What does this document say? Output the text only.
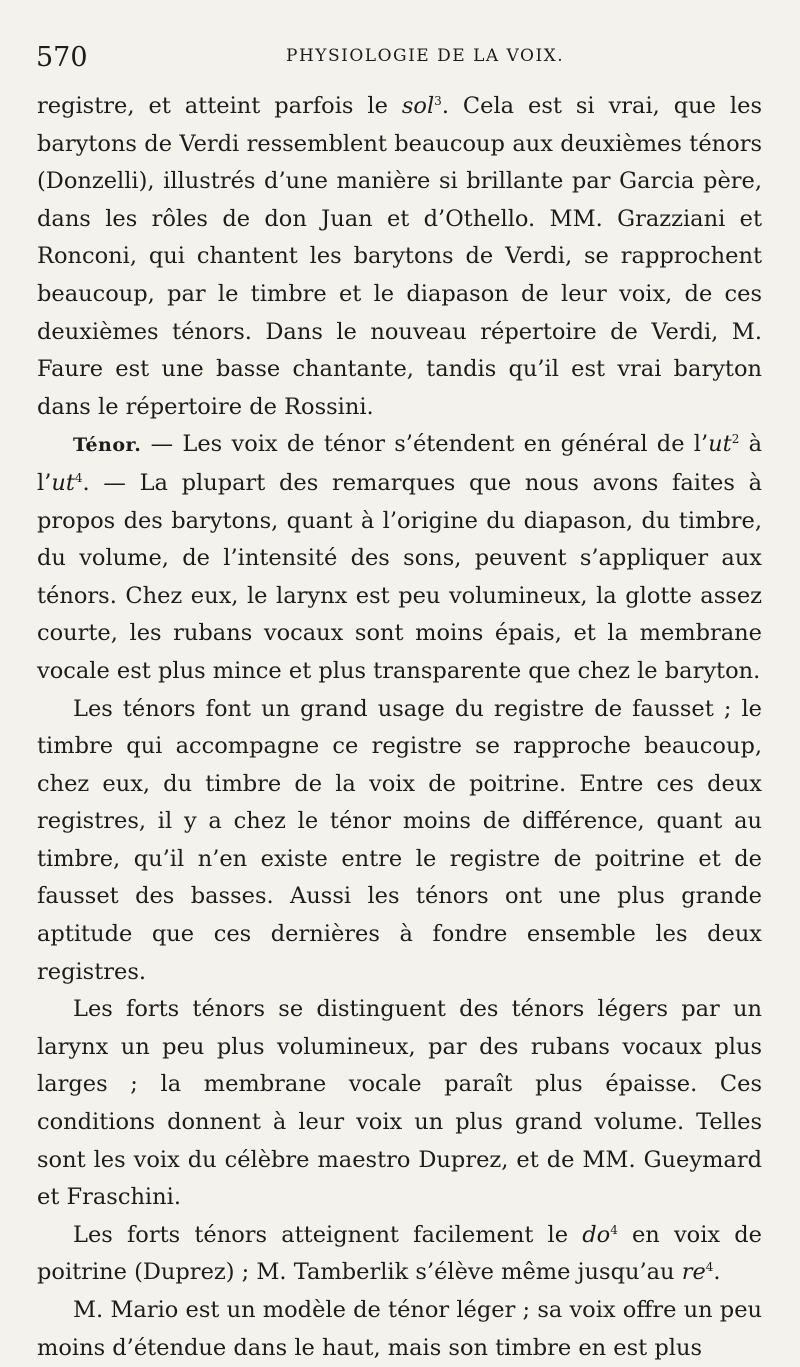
570	PHYSIOLOGIE DE LA VOIX.

registre, et atteint parfois le sol$^3$. Cela est si vrai, que les barytons de Verdi ressemblent beaucoup aux deuxièmes ténors (Donzelli), illustrés d’une manière si brillante par Garcia père, dans les rôles de don Juan et d’Othello. MM. Grazziani et Ronconi, qui chantent les barytons de Verdi, se rapprochent beaucoup, par le timbre et le diapason de leur voix, de ces deuxièmes ténors. Dans le nouveau répertoire de Verdi, M. Faure est une basse chantante, tandis qu’il est vrai baryton dans le répertoire de Rossini.

Ténor. — Les voix de ténor s’étendent en général de $l’ut^2$ à $l’ut^4$. — La plupart des remarques que nous avons faites à propos des barytons, quant à l’origine du diapason, du timbre, du volume, de l’intensité des sons, peuvent s’appliquer aux ténors. Chez eux, le larynx est peu volumineux, la glotte assez courte, les rubans vocaux sont moins épais, et la membrane vocale est plus mince et plus transparente que chez le baryton.

Les ténors font un grand usage du registre de fausset ; le timbre qui accompagne ce registre se rapproche beaucoup, chez eux, du timbre de la voix de poitrine. Entre ces deux registres, il y a chez le ténor moins de différence, quant au timbre, qu’il n’en existe entre le registre de poitrine et de fausset des basses. Aussi les ténors ont une plus grande aptitude que ces dernières à fondre ensemble les deux registres.

Les forts ténors se distinguent des ténors légers par un larynx un peu plus volumineux, par des rubans vocaux plus larges ; la membrane vocale paraît plus épaisse. Ces conditions donnent à leur voix un plus grand volume. Telles sont les voix du célèbre maestro Duprez, et de MM. Gueymard et Fraschini.

Les forts ténors atteignent facilement le $do^4$ en voix de poitrine (Duprez) ; M. Tamberlik s’élève même jusqu’au $re^4$.

M. Mario est un modèle de ténor léger ; sa voix offre un peu moins d’étendue dans le haut, mais son timbre en est plus
